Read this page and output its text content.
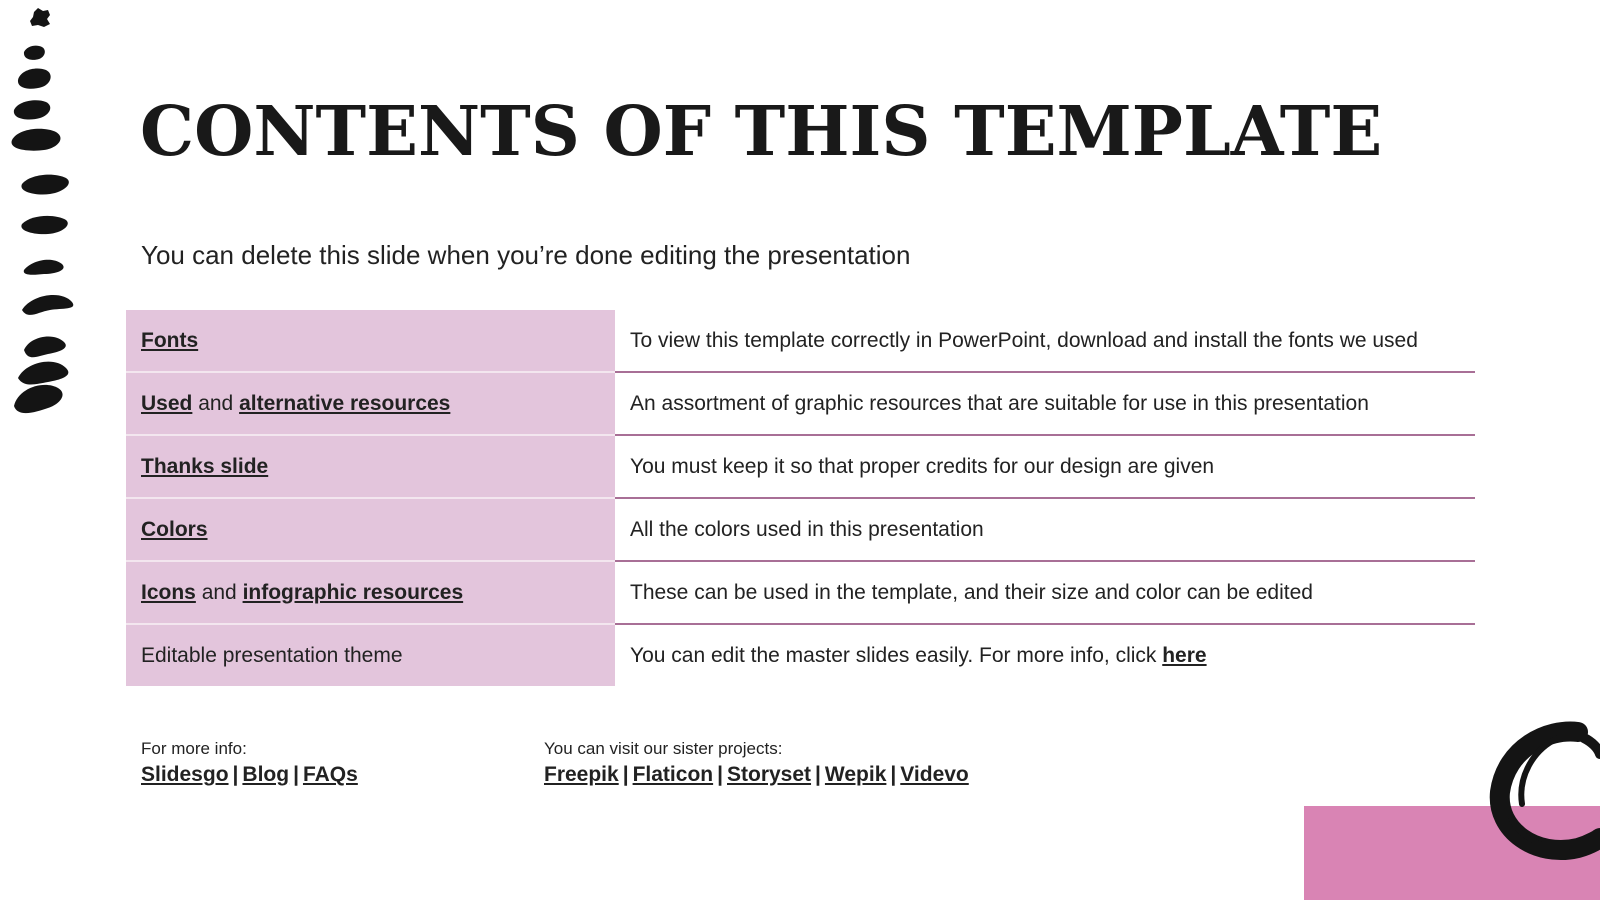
CONTENTS OF THIS TEMPLATE

You can delete this slide when you’re done editing the presentation

Fonts	To view this template correctly in PowerPoint, download and install the fonts we used
Used and alternative resources	An assortment of graphic resources that are suitable for use in this presentation
Thanks slide	You must keep it so that proper credits for our design are given
Colors	All the colors used in this presentation
Icons and infographic resources	These can be used in the template, and their size and color can be edited
Editable presentation theme	You can edit the master slides easily. For more info, click here

For more info:

Slidesgo | Blog | FAQs

You can visit our sister projects:

Freepik | Flaticon | Storyset | Wepik | Videvo
